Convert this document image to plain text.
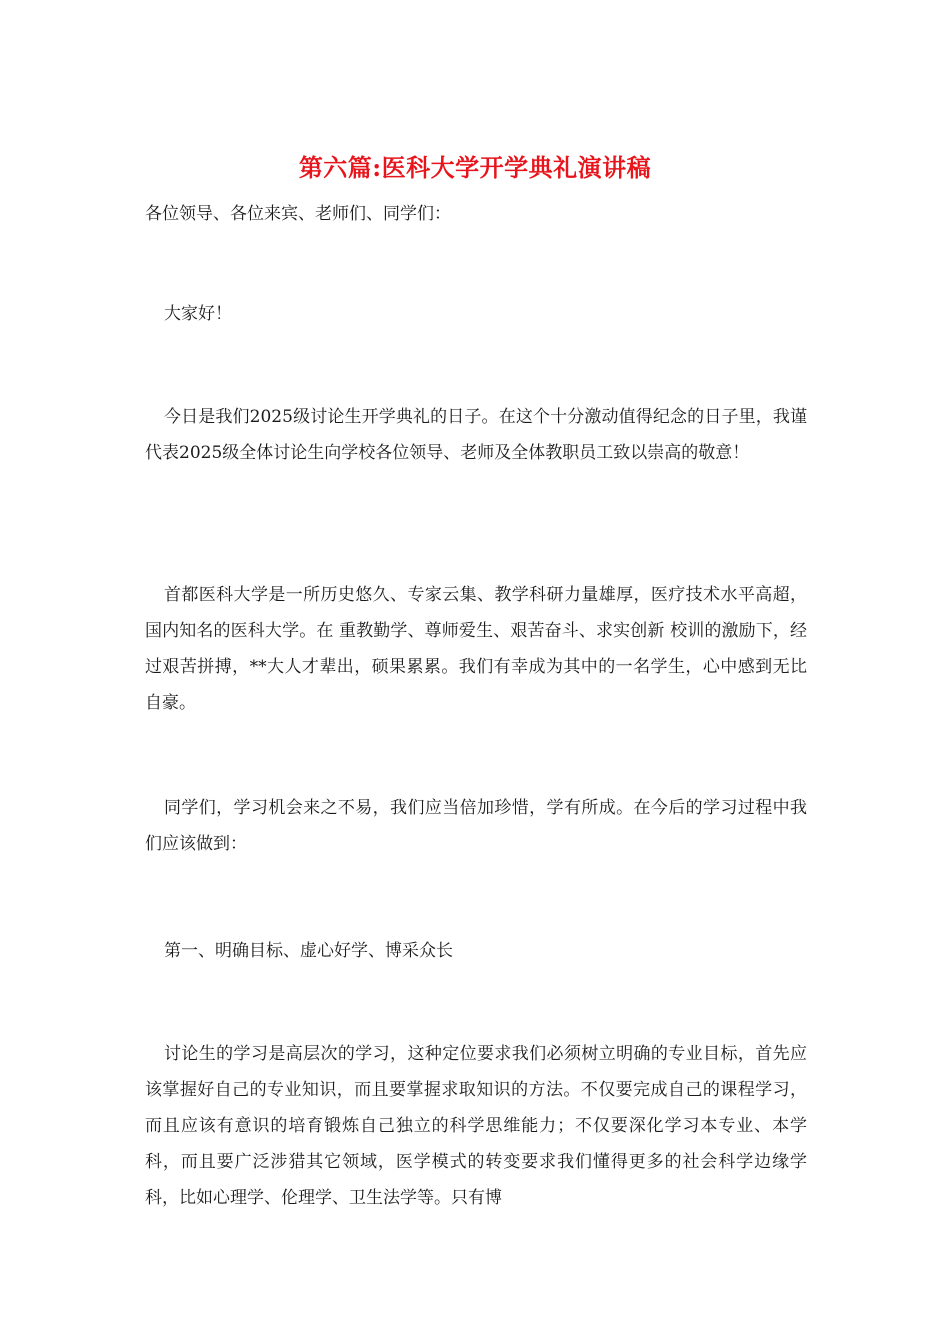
第六篇:医科大学开学典礼演讲稿

各位领导、各位来宾、老师们、同学们：

大家好！

今日是我们2025级讨论生开学典礼的日子。在这个十分激动值得纪念的日子里，我谨代表2025级全体讨论生向学校各位领导、老师及全体教职员工致以崇高的敬意！

首都医科大学是一所历史悠久、专家云集、教学科研力量雄厚，医疗技术水平高超，国内知名的医科大学。在 重教勤学、尊师爱生、艰苦奋斗、求实创新 校训的激励下，经过艰苦拼搏，**大人才辈出，硕果累累。我们有幸成为其中的一名学生，心中感到无比自豪。

同学们，学习机会来之不易，我们应当倍加珍惜，学有所成。在今后的学习过程中我们应该做到：

第一、明确目标、虚心好学、博采众长

讨论生的学习是高层次的学习，这种定位要求我们必须树立明确的专业目标，首先应该掌握好自己的专业知识，而且要掌握求取知识的方法。不仅要完成自己的课程学习，而且应该有意识的培育锻炼自己独立的科学思维能力；不仅要深化学习本专业、本学科，而且要广泛涉猎其它领域，医学模式的转变要求我们懂得更多的社会科学边缘学科，比如心理学、伦理学、卫生法学等。只有博
